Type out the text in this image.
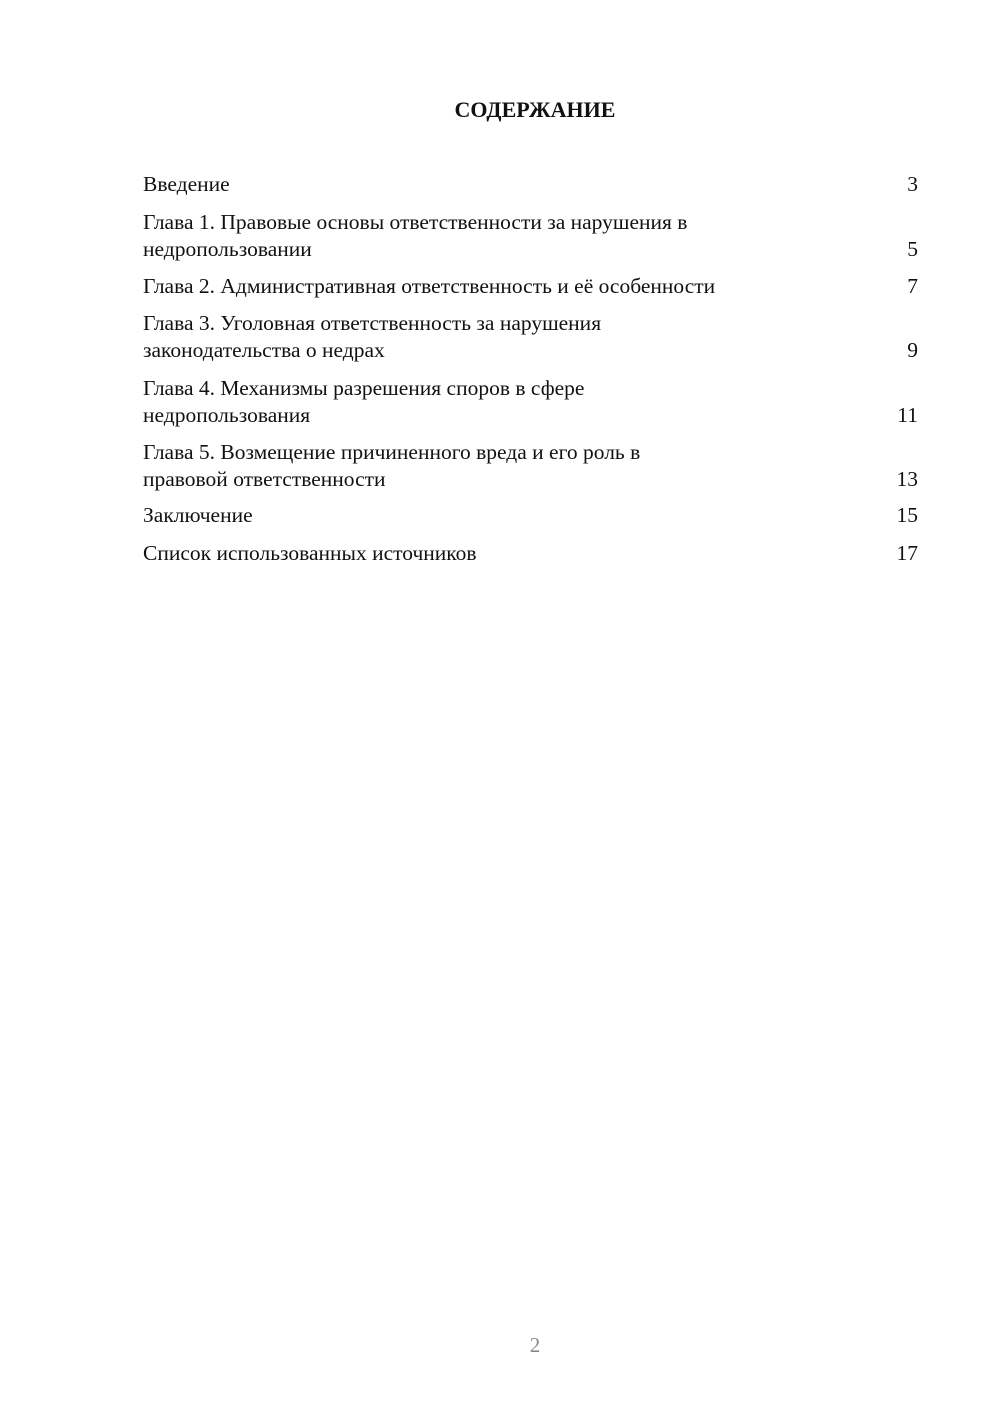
СОДЕРЖАНИЕ
Введение	3
Глава 1. Правовые основы ответственности за нарушения в
недропользовании	5
Глава 2. Административная ответственность и её особенности	7
Глава 3. Уголовная ответственность за нарушения
законодательства о недрах	9
Глава 4. Механизмы разрешения споров в сфере
недропользования	11
Глава 5. Возмещение причиненного вреда и его роль в
правовой ответственности	13
Заключение	15
Список использованных источников	17
2
